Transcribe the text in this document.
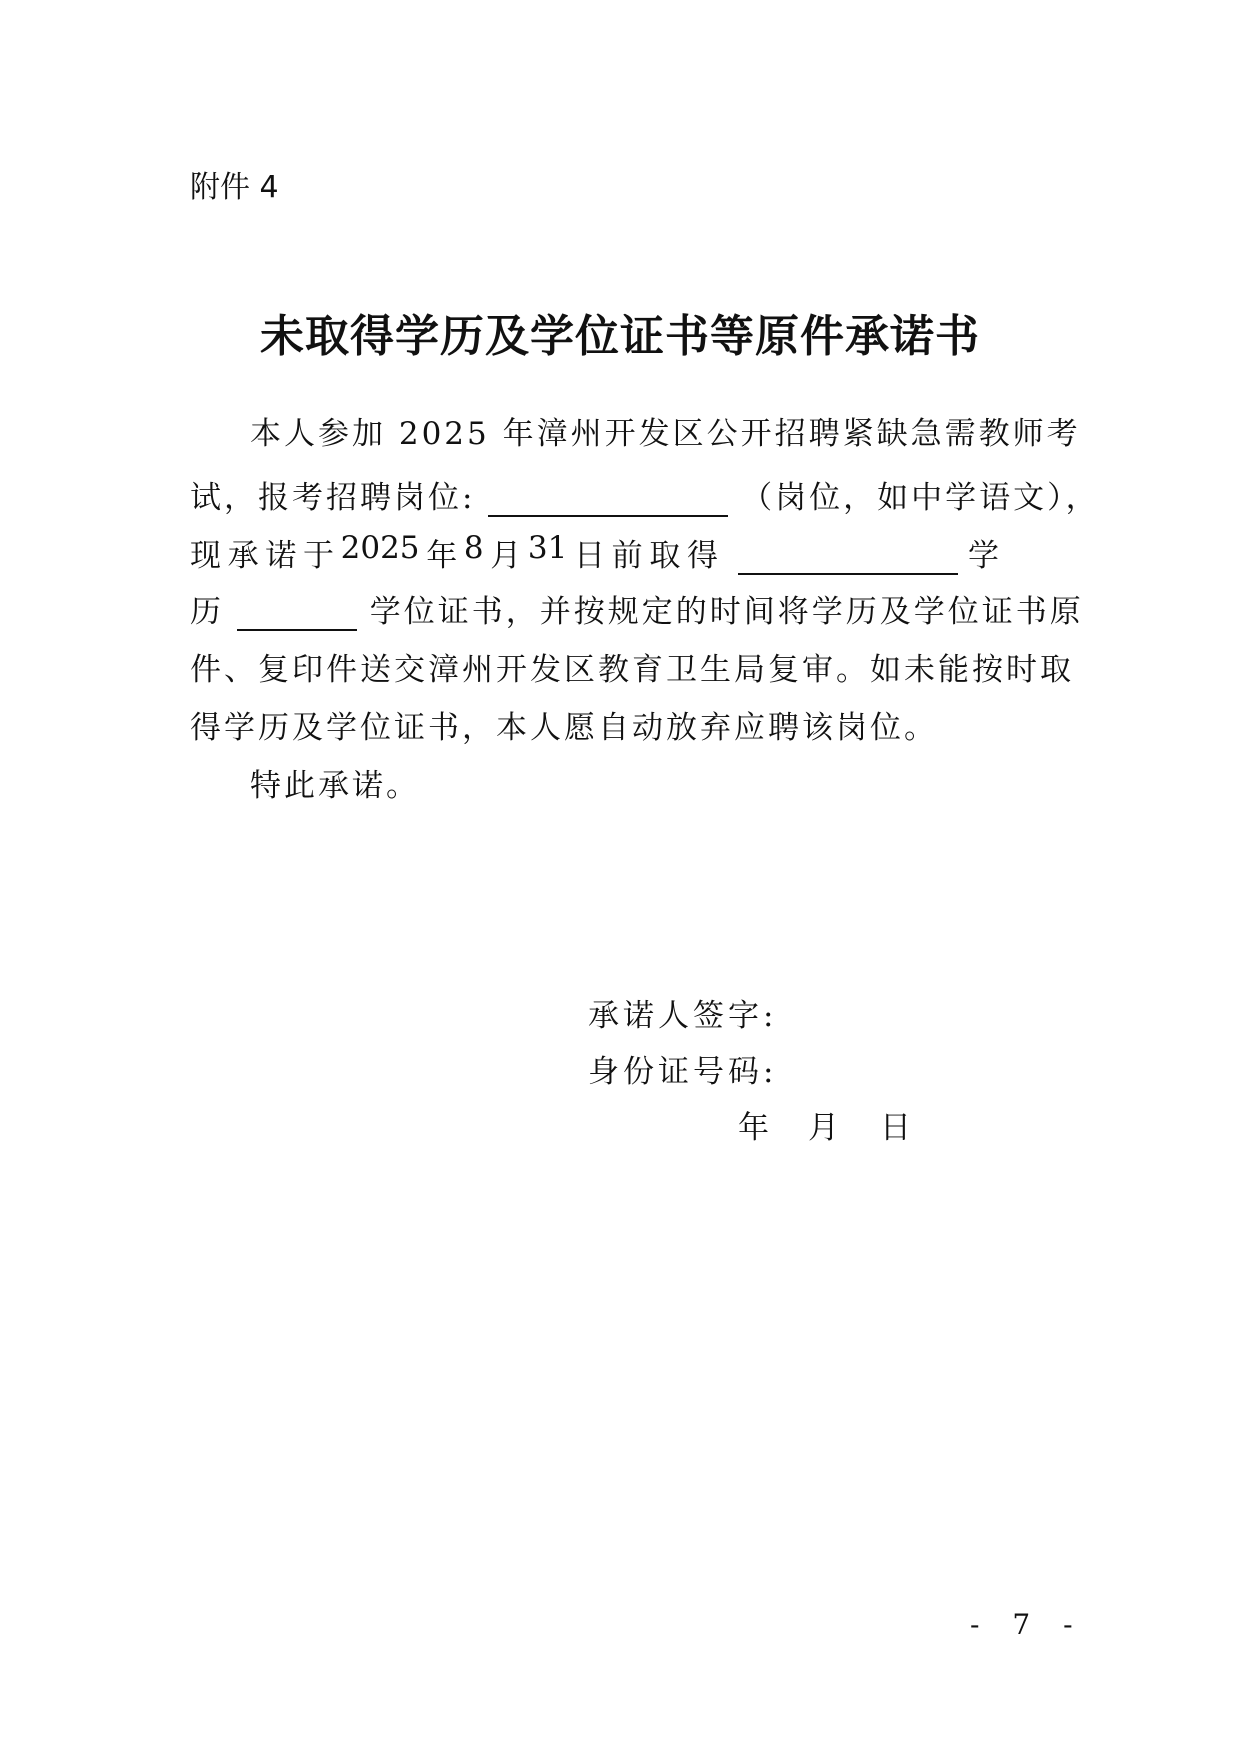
附件 4
未取得学历及学位证书等原件承诺书
本人参加 2025 年漳州开发区公开招聘紧缺急需教师考
试，报考招聘岗位:	（岗位，如中学语文），
现 承 诺 于 2025 年 8 月 31 日 前 取 得	学
历	学位证书，并按规定的时间将学历及学位证书原
件、复印件送交漳州开发区教育卫生局复审。如未能按时取
得学历及学位证书，本人愿自动放弃应聘该岗位。
特此承诺。
承诺人签字:
身份证号码:
年 月 日
- 7 -
